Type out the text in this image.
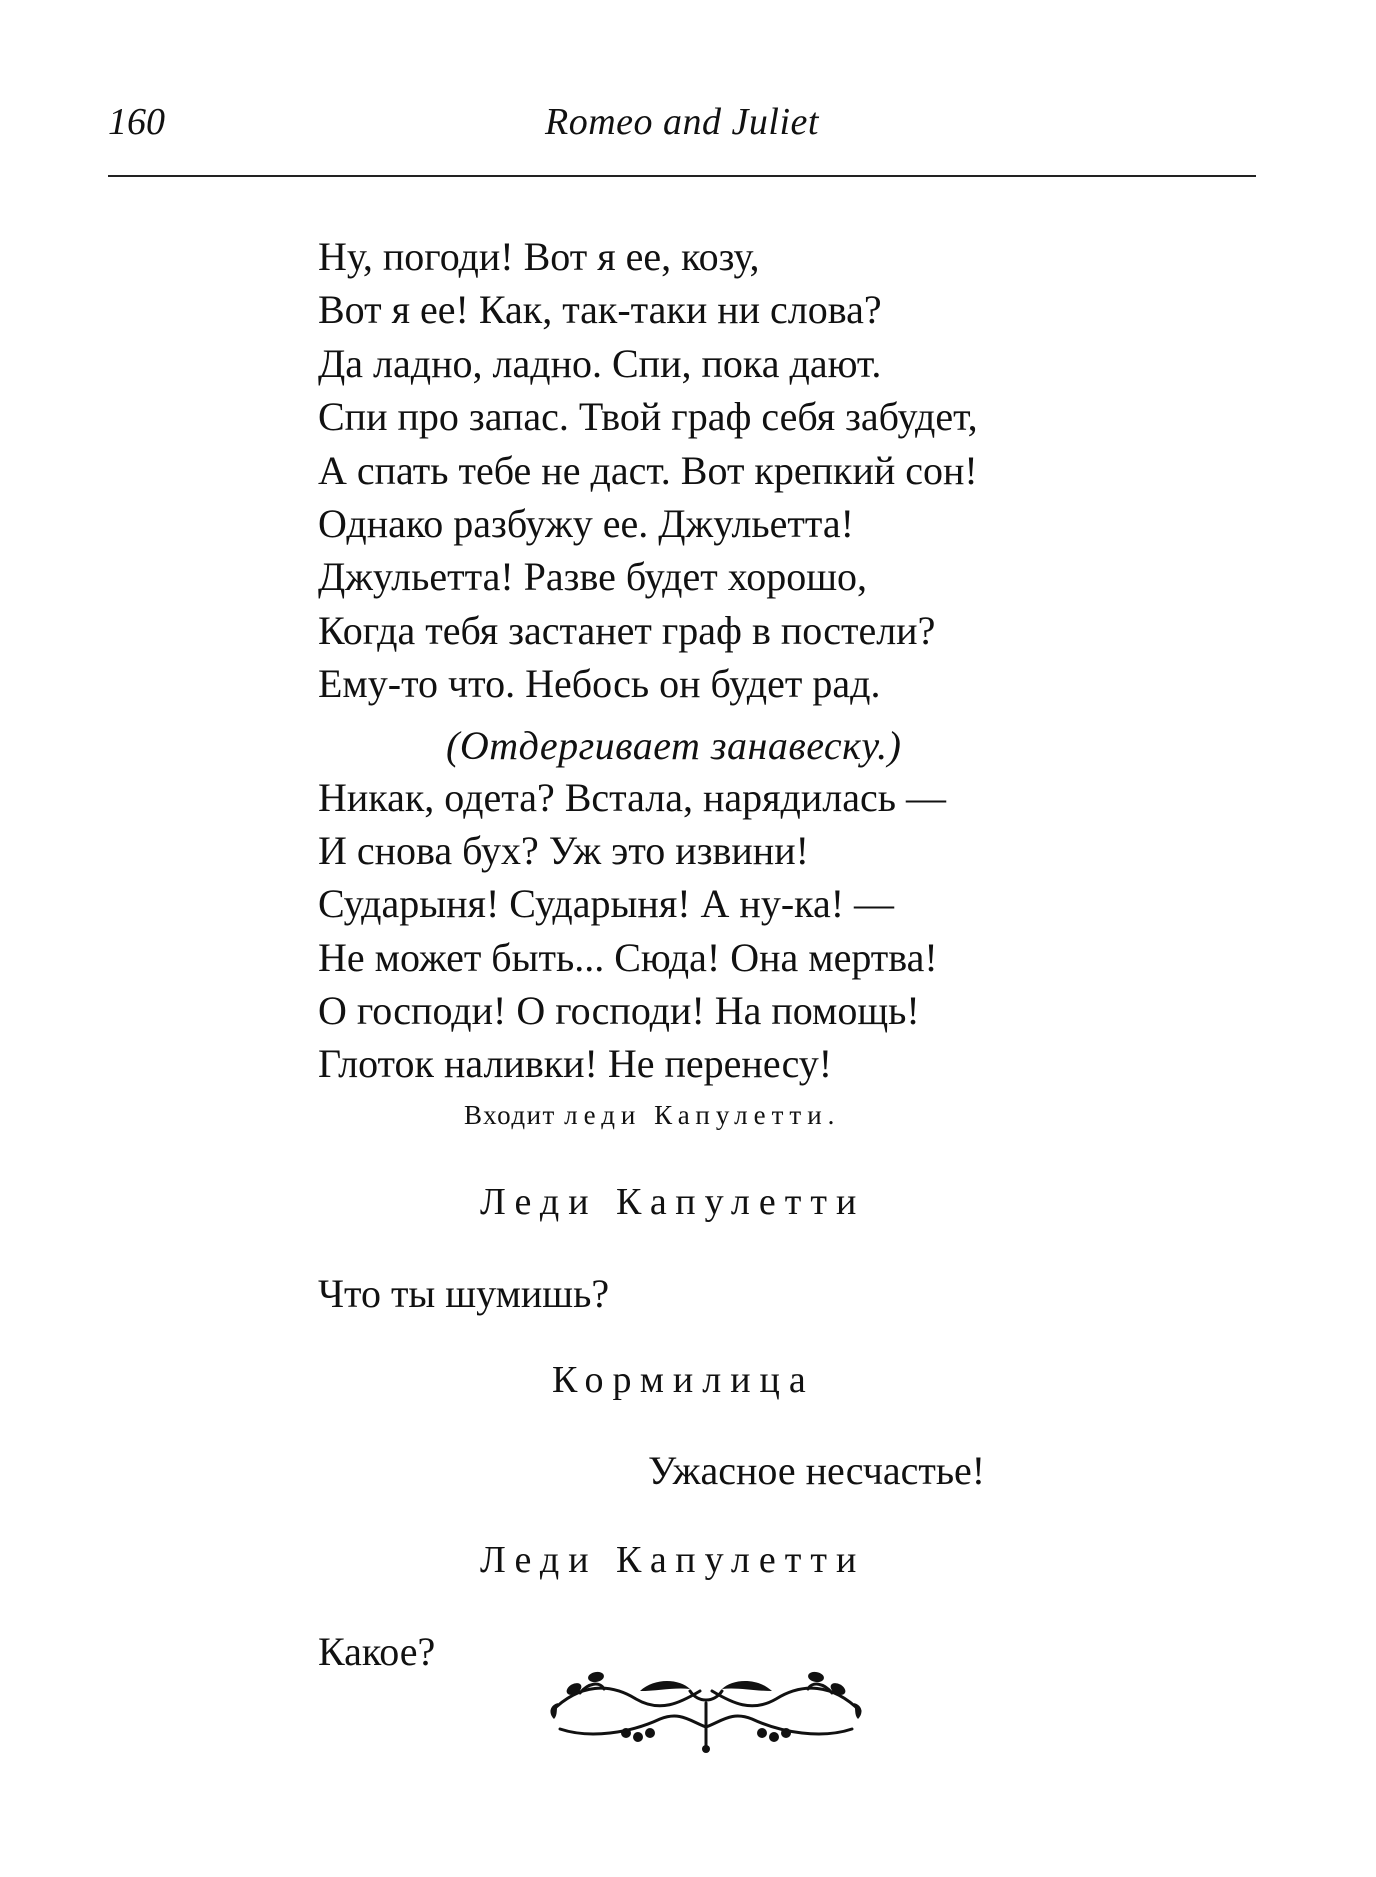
160	Romeo and Juliet
Ну, погоди! Вот я ее, козу,
Вот я ее! Как, так-таки ни слова?
Да ладно, ладно. Спи, пока дают.
Спи про запас. Твой граф себя забудет,
А спать тебе не даст. Вот крепкий сон!
Однако разбужу ее. Джульетта!
Джульетта! Разве будет хорошо,
Когда тебя застанет граф в постели?
Ему-то что. Небось он будет рад.
(Отдергивает занавеску.)
Никак, одета? Встала, нарядилась —
И снова бух? Уж это извини!
Сударыня! Сударыня! А ну-ка! —
Не может быть... Сюда! Она мертва!
О господи! О господи! На помощь!
Глоток наливки! Не перенесу!
Входит леди Капулетти.
Леди Капулетти
Что ты шумишь?
Кормилица
Ужасное несчастье!
Леди Капулетти
Какое?
